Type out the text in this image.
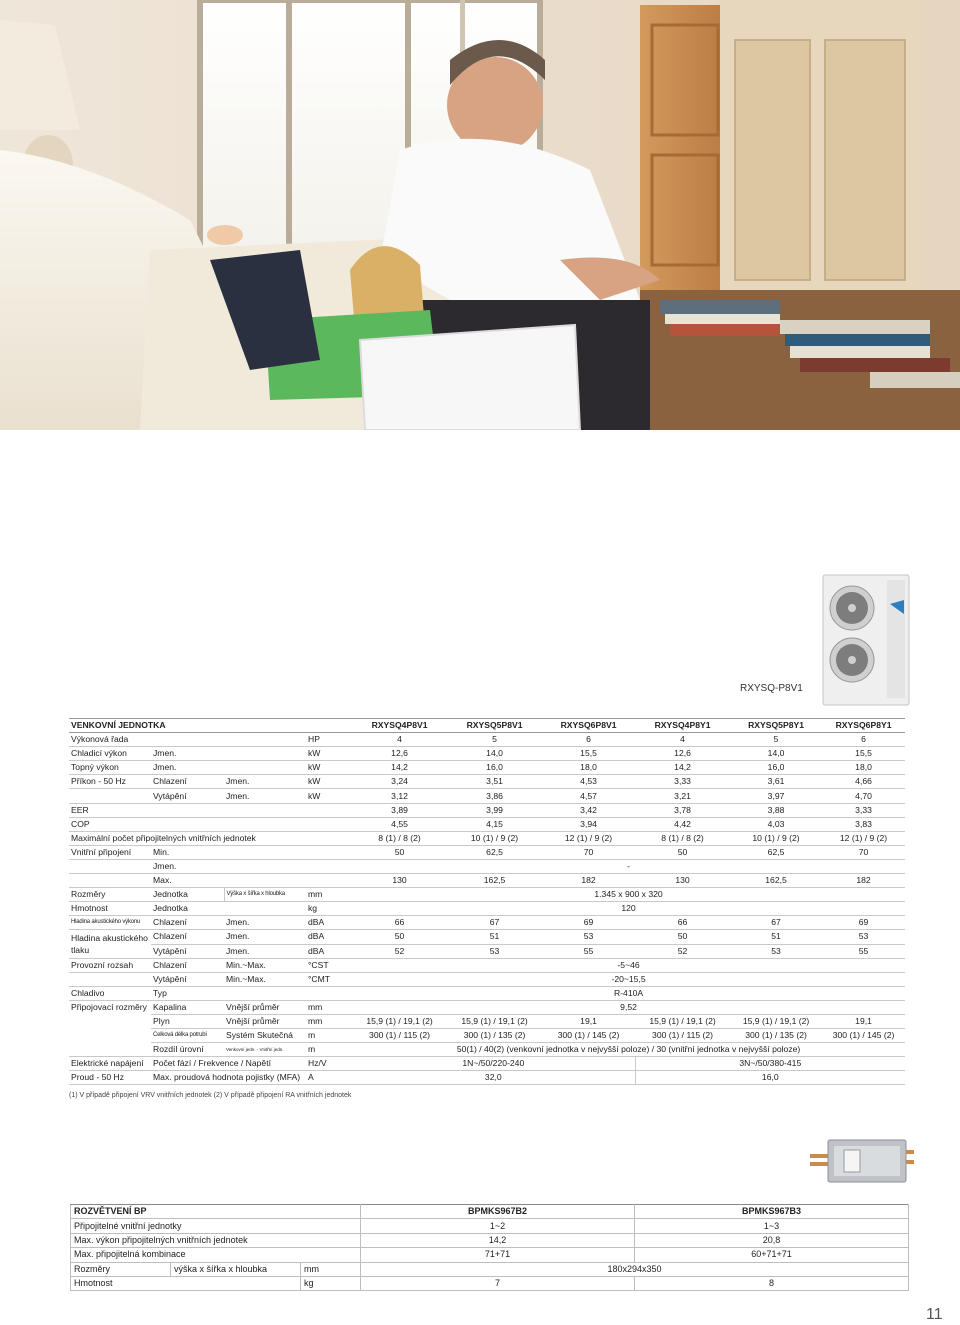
RXYSQ-P8V1
VENKOVNÍ JEDNOTKA				RXYSQ4P8V1	RXYSQ5P8V1	RXYSQ6P8V1	RXYSQ4P8Y1	RXYSQ5P8Y1	RXYSQ6P8Y1
Výkonová řada			HP	4	5	6	4	5	6
Chladicí výkon	Jmen.		kW	12,6	14,0	15,5	12,6	14,0	15,5
Topný výkon	Jmen.		kW	14,2	16,0	18,0	14,2	16,0	18,0
Příkon - 50 Hz	Chlazení	Jmen.	kW	3,24	3,51	4,53	3,33	3,61	4,66
	Vytápění	Jmen.	kW	3,12	3,86	4,57	3,21	3,97	4,70
EER				3,89	3,99	3,42	3,78	3,88	3,33
COP				4,55	4,15	3,94	4,42	4,03	3,83
Maximální počet připojitelných vnitřních jednotek				8 (1) / 8 (2)	10 (1) / 9 (2)	12 (1) / 9 (2)	8 (1) / 8 (2)	10 (1) / 9 (2)	12 (1) / 9 (2)
Vnitřní připojení	Min.			50	62,5	70	50	62,5	70
	Jmen.			-					
	Max.			130	162,5	182	130	162,5	182
Rozměry	Jednotka	Výška x šířka x hloubka	mm	1.345 x 900 x 320					
Hmotnost	Jednotka		kg	120					
Hladina akustického výkonu	Chlazení	Jmen.	dBA	66	67	69	66	67	69
Hladina akustického tlaku	Chlazení	Jmen.	dBA	50	51	53	50	51	53
	Vytápění	Jmen.	dBA	52	53	55	52	53	55
Provozní rozsah	Chlazení	Min.~Max.	°CST	-5~46					
	Vytápění	Min.~Max.	°CMT	-20~15,5					
Chladivo	Typ			R-410A					
Připojovací rozměry	Kapalina	Vnější průměr	mm	9,52					
	Plyn	Vnější průměr	mm	15,9 (1) / 19,1 (2)	15,9 (1) / 19,1 (2)	19,1	15,9 (1) / 19,1 (2)	15,9 (1) / 19,1 (2)	19,1
	Celková délka potrubí	Systém Skutečná	m	300 (1) / 115 (2)	300 (1) / 135 (2)	300 (1) / 145 (2)	300 (1) / 115 (2)	300 (1) / 135 (2)	300 (1) / 145 (2)
	Rozdíl úrovní	Venkovní jedn. - Vnitřní jedn.	m	50(1) / 40(2) (venkovní jednotka v nejvyšší poloze) / 30 (vnitřní jednotka v nejvyšší poloze)					
Elektrické napájení	Počet fází / Frekvence / Napětí		Hz/V	1N~/50/220-240			3N~/50/380-415		
Proud - 50 Hz	Max. proudová hodnota pojistky (MFA)		A	32,0			16,0		
(1) V případě připojení VRV vnitřních jednotek (2) V případě připojení RA vnitřních jednotek
ROZVĚTVENÍ BP			BPMKS967B2	BPMKS967B3
Připojitelné vnitřní jednotky			1~2	1~3
Max. výkon připojitelných vnitřních jednotek			14,2	20,8
Max. připojitelná kombinace			71+71	60+71+71
Rozměry	výška x šířka x hloubka	mm	180x294x350	
Hmotnost		kg	7	8
11
